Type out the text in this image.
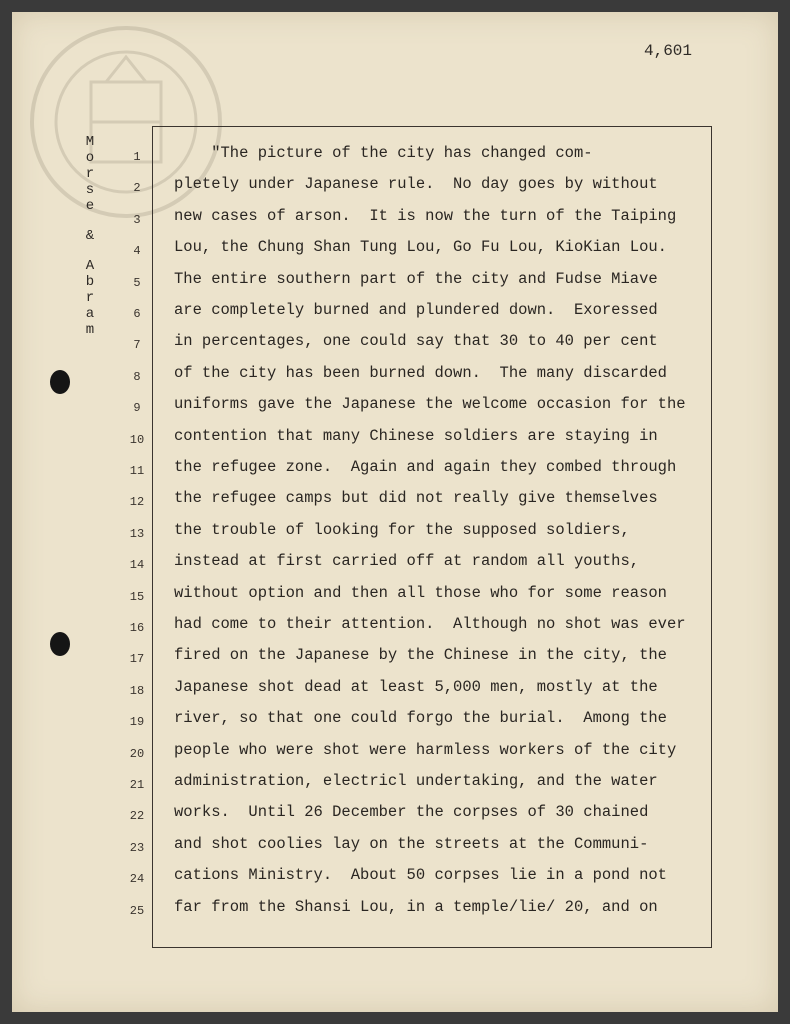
4,601
M
o
r
s
e
&
A
b
r
a
m
1	"The picture of the city has changed com-
2	pletely under Japanese rule.  No day goes by without
3	new cases of arson.  It is now the turn of the Taiping
4	Lou, the Chung Shan Tung Lou, Go Fu Lou, KioKian Lou.
5	The entire southern part of the city and Fudse Miave
6	are completely burned and plundered down.  Exoressed
7	in percentages, one could say that 30 to 40 per cent
8	of the city has been burned down.  The many discarded
9	uniforms gave the Japanese the welcome occasion for the
10	contention that many Chinese soldiers are staying in
11	the refugee zone.  Again and again they combed through
12	the refugee camps but did not really give themselves
13	the trouble of looking for the supposed soldiers,
14	instead at first carried off at random all youths,
15	without option and then all those who for some reason
16	had come to their attention.  Although no shot was ever
17	fired on the Japanese by the Chinese in the city, the
18	Japanese shot dead at least 5,000 men, mostly at the
19	river, so that one could forgo the burial.  Among the
20	people who were shot were harmless workers of the city
21	administration, electricl undertaking, and the water
22	works.  Until 26 December the corpses of 30 chained
23	and shot coolies lay on the streets at the Communi-
24	cations Ministry.  About 50 corpses lie in a pond not
25	far from the Shansi Lou, in a temple/lie/ 20, and on
